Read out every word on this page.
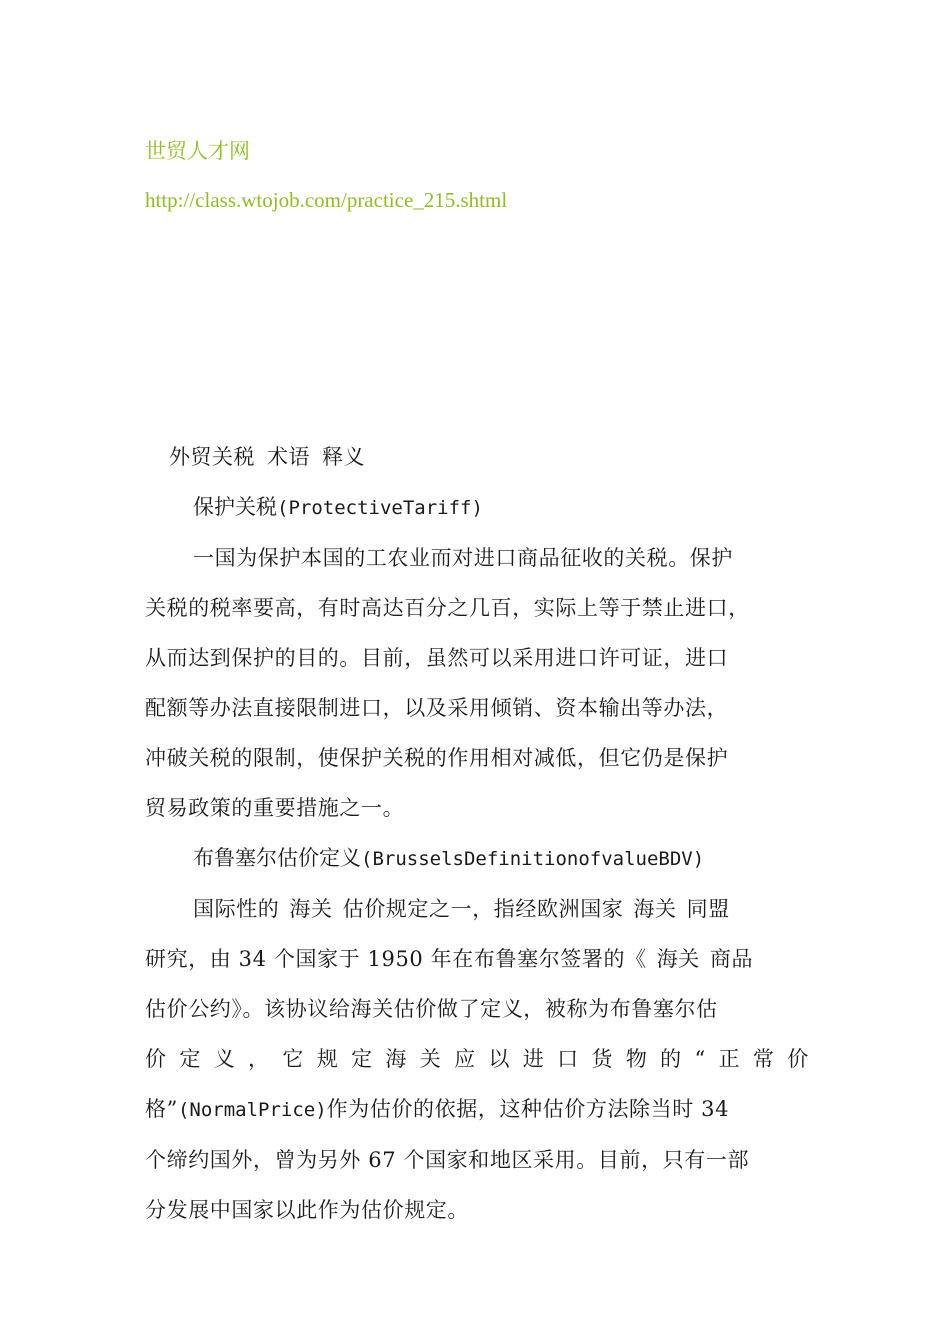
世贸人才网
http://class.wtojob.com/practice_215.shtml

外贸关税 术语 释义

保护关税(ProtectiveTariff)

一国为保护本国的工农业而对进口商品征收的关税。保护

关税的税率要高，有时高达百分之几百，实际上等于禁止进口，

从而达到保护的目的。目前，虽然可以采用进口许可证，进口

配额等办法直接限制进口，以及采用倾销、资本输出等办法，

冲破关税的限制，使保护关税的作用相对减低，但它仍是保护

贸易政策的重要措施之一。

布鲁塞尔估价定义(BrusselsDefinitionofvalueBDV)

国际性的 海关 估价规定之一，指经欧洲国家 海关 同盟

研究，由 34 个国家于 1950 年在布鲁塞尔签署的《 海关 商品

估价公约》。该协议给海关估价做了定义，被称为布鲁塞尔估

价 定 义 ， 它 规 定 海 关 应 以 进 口 货 物 的 “ 正 常 价

格”(NormalPrice)作为估价的依据，这种估价方法除当时 34

个缔约国外，曾为另外 67 个国家和地区采用。目前，只有一部

分发展中国家以此作为估价规定。
